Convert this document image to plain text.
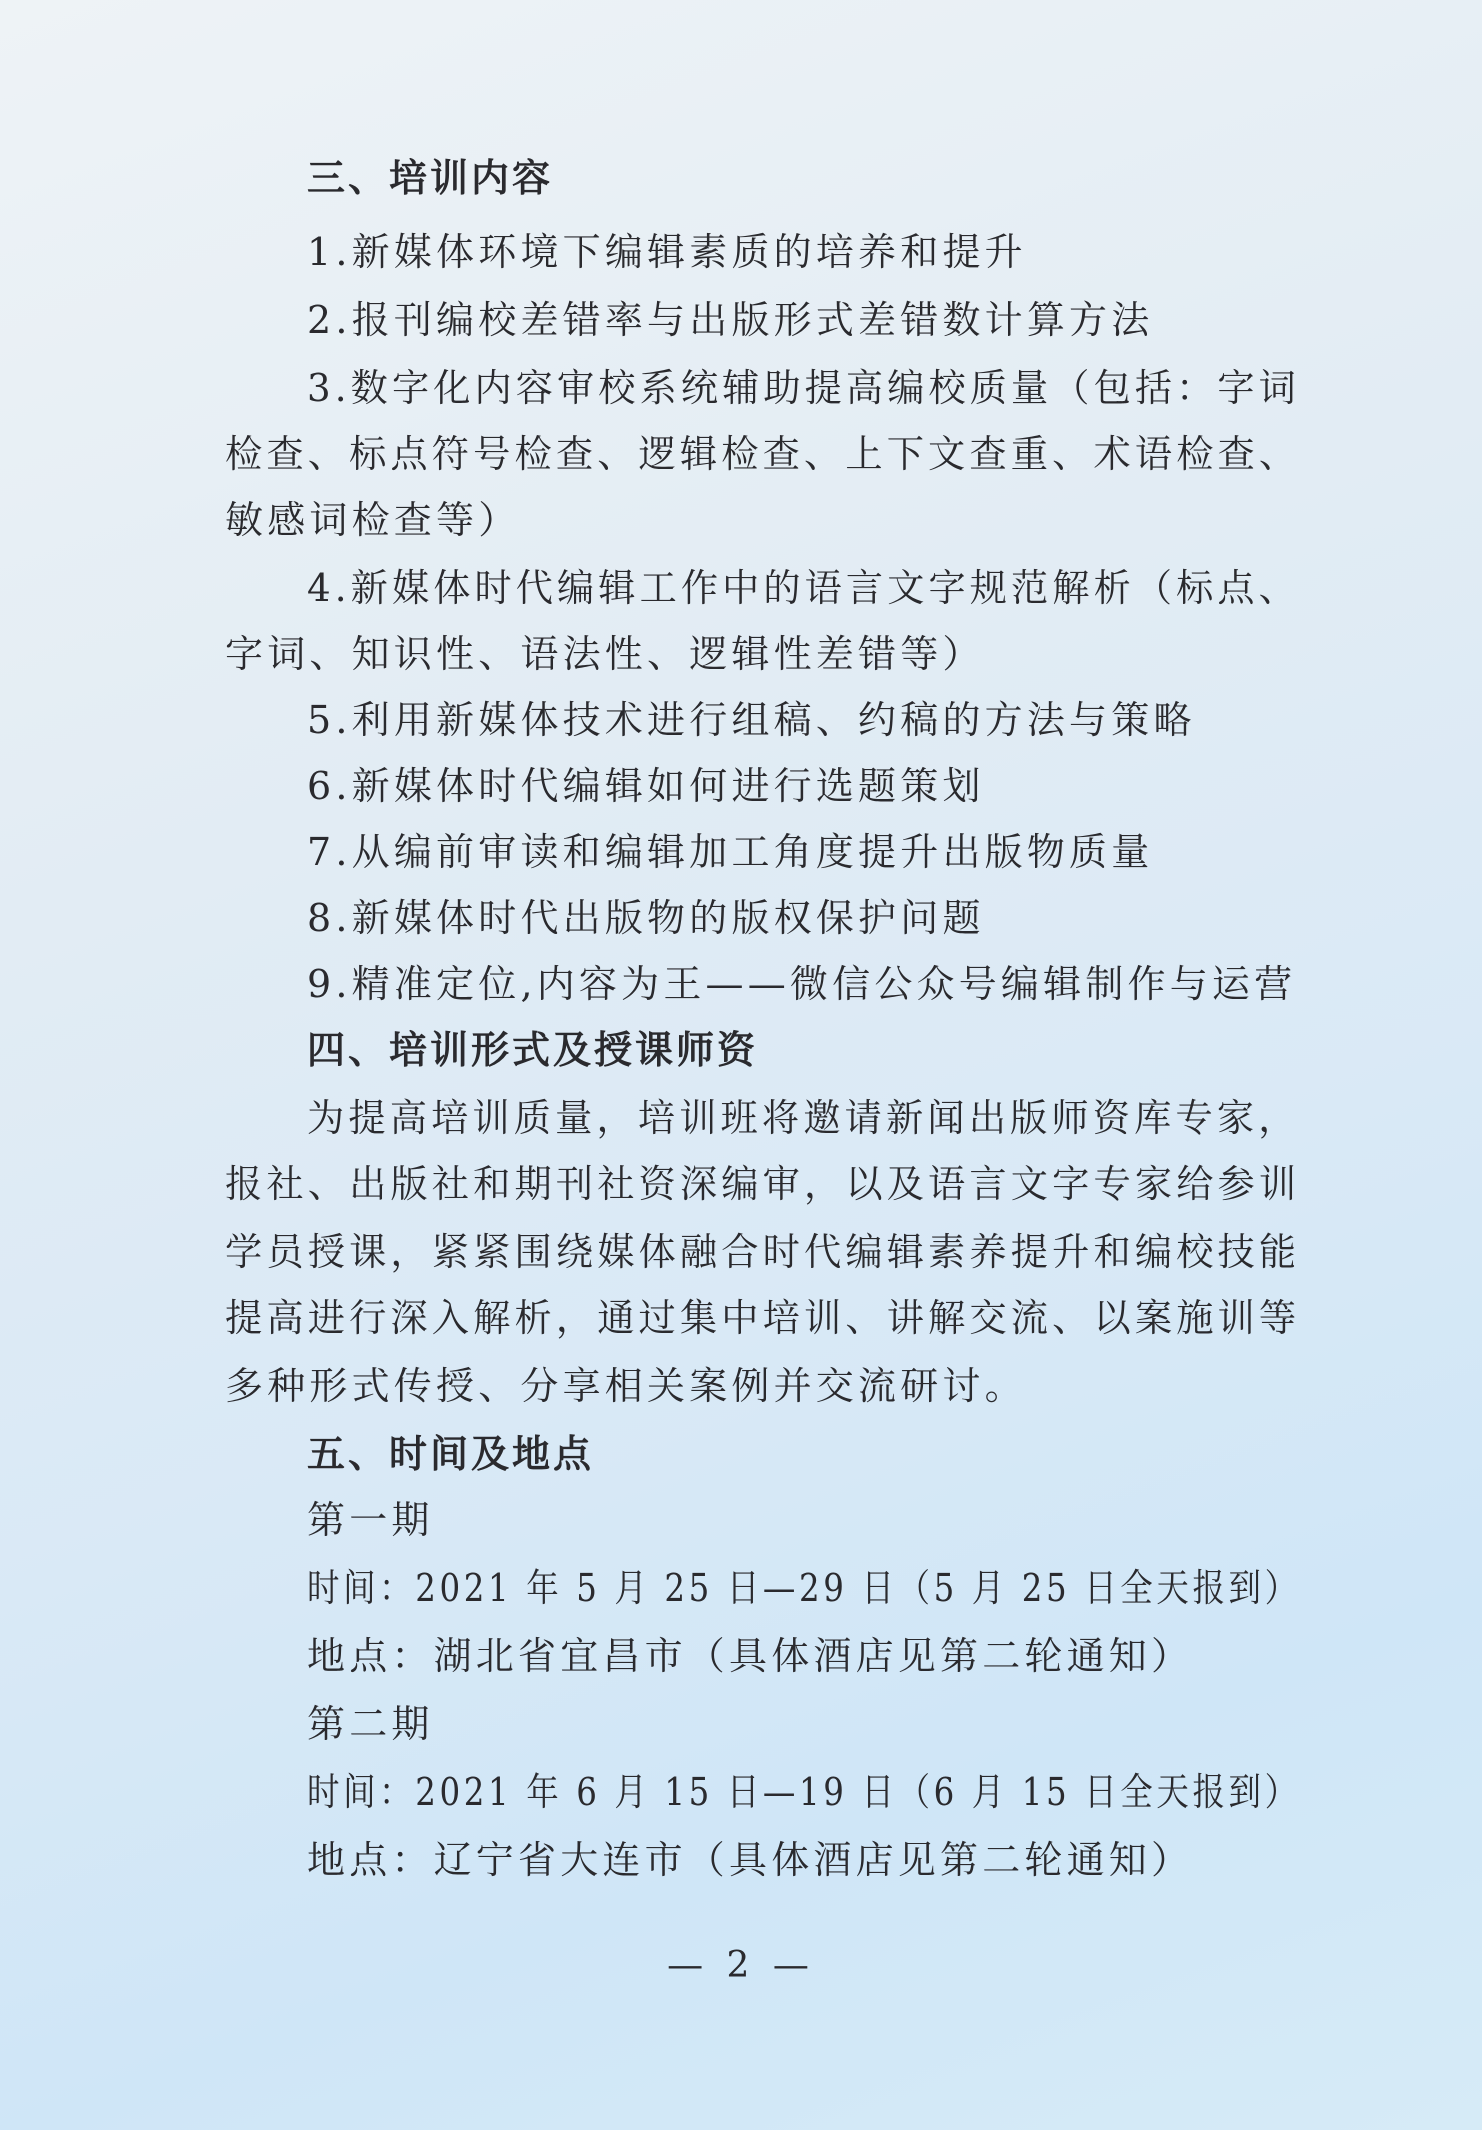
三、培训内容
1.新媒体环境下编辑素质的培养和提升
2.报刊编校差错率与出版形式差错数计算方法
3.数字化内容审校系统辅助提高编校质量（包括：字词
检查、标点符号检查、逻辑检查、上下文查重、术语检查、
敏感词检查等）
4.新媒体时代编辑工作中的语言文字规范解析（标点、
字词、知识性、语法性、逻辑性差错等）
5.利用新媒体技术进行组稿、约稿的方法与策略
6.新媒体时代编辑如何进行选题策划
7.从编前审读和编辑加工角度提升出版物质量
8.新媒体时代出版物的版权保护问题
9.精准定位,内容为王——微信公众号编辑制作与运营
四、培训形式及授课师资
为提高培训质量，培训班将邀请新闻出版师资库专家，
报社、出版社和期刊社资深编审，以及语言文字专家给参训
学员授课，紧紧围绕媒体融合时代编辑素养提升和编校技能
提高进行深入解析，通过集中培训、讲解交流、以案施训等
多种形式传授、分享相关案例并交流研讨。
五、时间及地点
第一期
时间：2021 年 5 月 25 日—29 日（5 月 25 日全天报到）
地点：湖北省宜昌市（具体酒店见第二轮通知）
第二期
时间：2021 年 6 月 15 日—19 日（6 月 15 日全天报到）
地点：辽宁省大连市（具体酒店见第二轮通知）
— 2 —
